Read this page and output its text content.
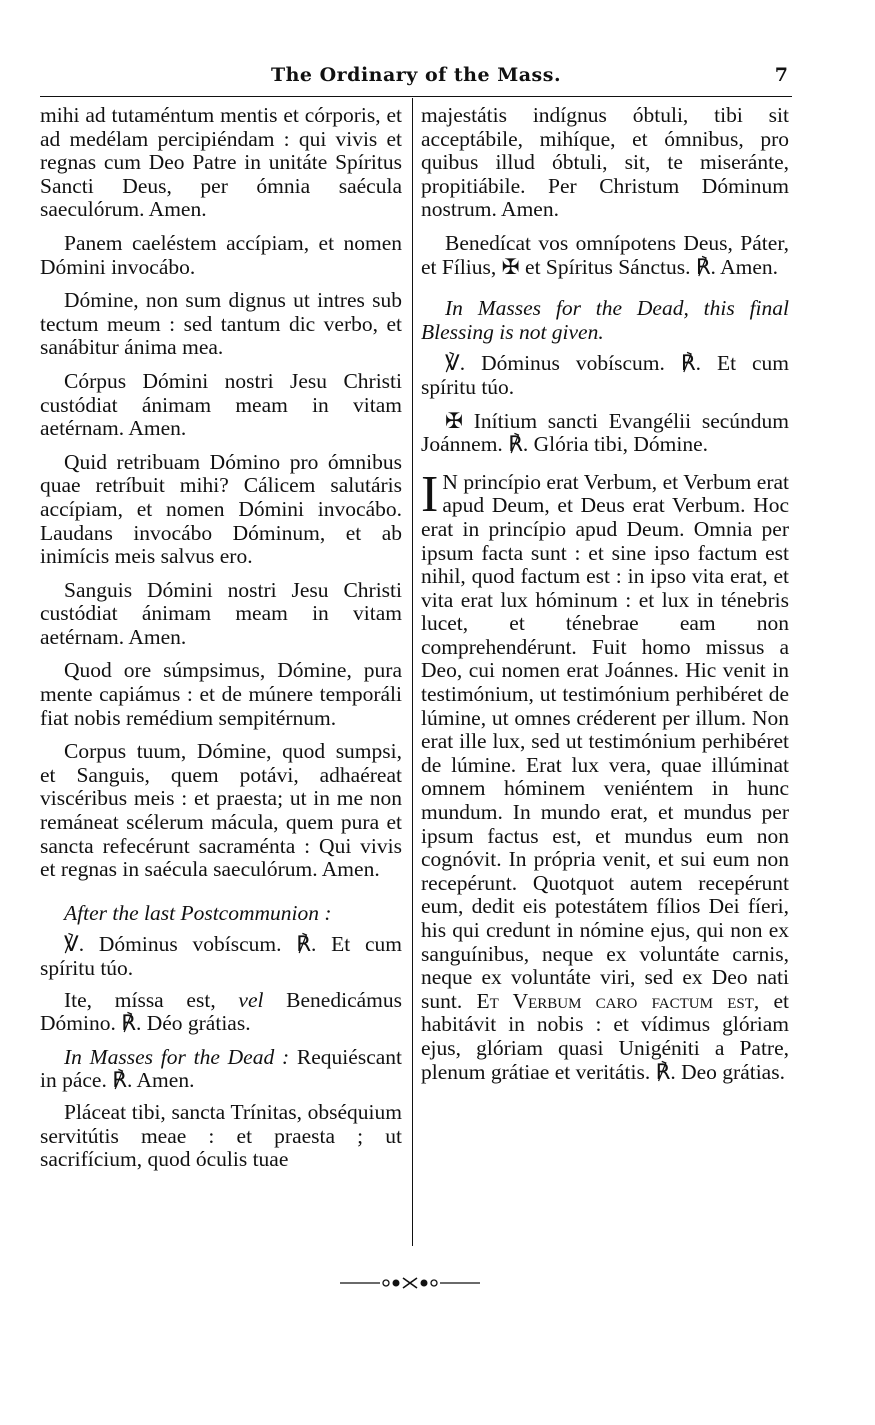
The Ordinary of the Mass.	7

mihi ad tutaméntum mentis et córporis, et ad medélam percipiéndam : qui vivis et regnas cum Deo Patre in unitáte Spíritus Sancti Deus, per ómnia saécula saeculórum. Amen.

Panem caeléstem accípiam, et nomen Dómini invocábo.

Dómine, non sum dignus ut intres sub tectum meum : sed tantum dic verbo, et sanábitur ánima mea.

Córpus Dómini nostri Jesu Christi custódiat ánimam meam in vitam aetérnam. Amen.

Quid retribuam Dómino pro ómnibus quae retríbuit mihi? Cálicem salutáris accípiam, et nomen Dómini invocábo. Laudans invocábo Dóminum, et ab inimícis meis salvus ero.

Sanguis Dómini nostri Jesu Christi custódiat ánimam meam in vitam aetérnam. Amen.

Quod ore súmpsimus, Dómine, pura mente capiámus : et de múnere temporáli fiat nobis remédium sempitérnum.

Corpus tuum, Dómine, quod sumpsi, et Sanguis, quem potávi, adhaéreat viscéribus meis : et praesta; ut in me non remáneat scélerum mácula, quem pura et sancta refecérunt sacraménta : Qui vivis et regnas in saécula saeculórum. Amen.

After the last Postcommunion :

℣. Dóminus vobíscum. ℟. Et cum spíritu túo.

Ite, míssa est, vel Benedicámus Dómino. ℟. Déo grátias.

In Masses for the Dead : Requiéscant in páce. ℟. Amen.

Pláceat tibi, sancta Trínitas, obséquium servitútis meae : et praesta ; ut sacrifícium, quod óculis tuae

majestátis indígnus óbtuli, tibi sit acceptábile, mihíque, et ómnibus, pro quibus illud óbtuli, sit, te miseránte, propitiábile. Per Christum Dóminum nostrum. Amen.

Benedícat vos omnípotens Deus, Páter, et Fílius, ✠ et Spíritus Sánctus. ℟. Amen.

In Masses for the Dead, this final Blessing is not given.

℣. Dóminus vobíscum. ℟. Et cum spíritu túo.

✠ Inítium sancti Evangélii secúndum Joánnem. ℟. Glória tibi, Dómine.

I N princípio erat Verbum, et Verbum erat apud Deum, et Deus erat Verbum. Hoc erat in princípio apud Deum. Omnia per ipsum facta sunt : et sine ipso factum est nihil, quod factum est : in ipso vita erat, et vita erat lux hóminum : et lux in ténebris lucet, et ténebrae eam non comprehendérunt. Fuit homo missus a Deo, cui nomen erat Joánnes. Hic venit in testimónium, ut testimónium perhibéret de lúmine, ut omnes créderent per illum. Non erat ille lux, sed ut testimónium perhibéret de lúmine. Erat lux vera, quae illúminat omnem hóminem veniéntem in hunc mundum. In mundo erat, et mundus per ipsum factus est, et mundus eum non cognóvit. In própria venit, et sui eum non recepérunt. Quotquot autem recepérunt eum, dedit eis potestátem fílios Dei fíeri, his qui credunt in nómine ejus, qui non ex sanguínibus, neque ex voluntáte carnis, neque ex voluntáte viri, sed ex Deo nati sunt. Et Verbum caro factum est, et habitávit in nobis : et vídimus glóriam ejus, glóriam quasi Unigéniti a Patre, plenum grátiae et veritátis. ℟. Deo grátias.
